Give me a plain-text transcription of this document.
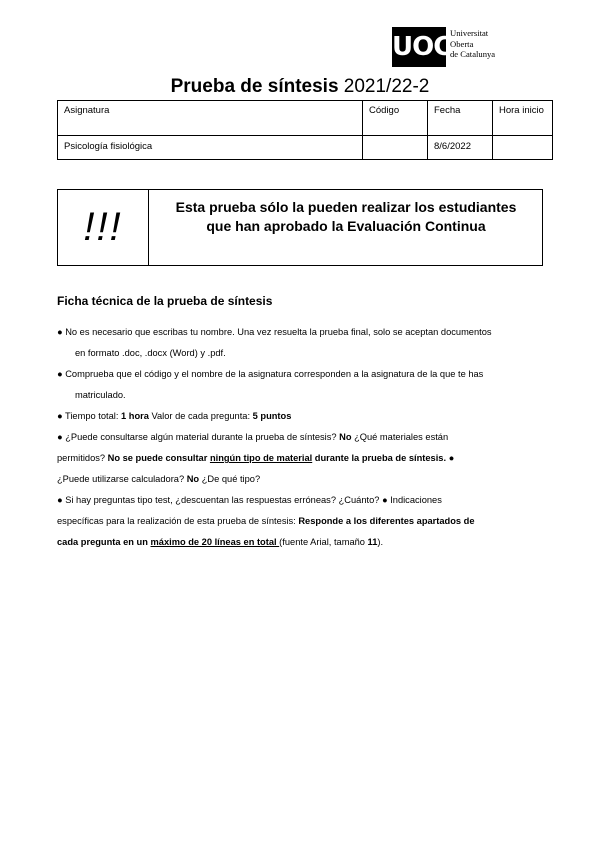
UOC
Universitat
Oberta
de Catalunya
Prueba de síntesis 2021/22-2
Asignatura	Código	Fecha	Hora inicio
Psicología fisiológica		8/6/2022	
!!!	Esta prueba sólo la pueden realizar los estudiantes
que han aprobado la Evaluación Continua
Ficha técnica de la prueba de síntesis

● No es necesario que escribas tu nombre. Una vez resuelta la prueba final, solo se aceptan documentos

en formato .doc, .docx (Word) y .pdf.

● Comprueba que el código y el nombre de la asignatura corresponden a la asignatura de la que te has

matriculado.

● Tiempo total: 1 hora Valor de cada pregunta: 5 puntos

● ¿Puede consultarse algún material durante la prueba de síntesis? No ¿Qué materiales están

permitidos? No se puede consultar ningún tipo de material durante la prueba de síntesis. ●

¿Puede utilizarse calculadora? No ¿De qué tipo?

● Si hay preguntas tipo test, ¿descuentan las respuestas erróneas? ¿Cuánto? ● Indicaciones

específicas para la realización de esta prueba de síntesis: Responde a los diferentes apartados de

cada pregunta en un máximo de 20 líneas en total (fuente Arial, tamaño 11).
